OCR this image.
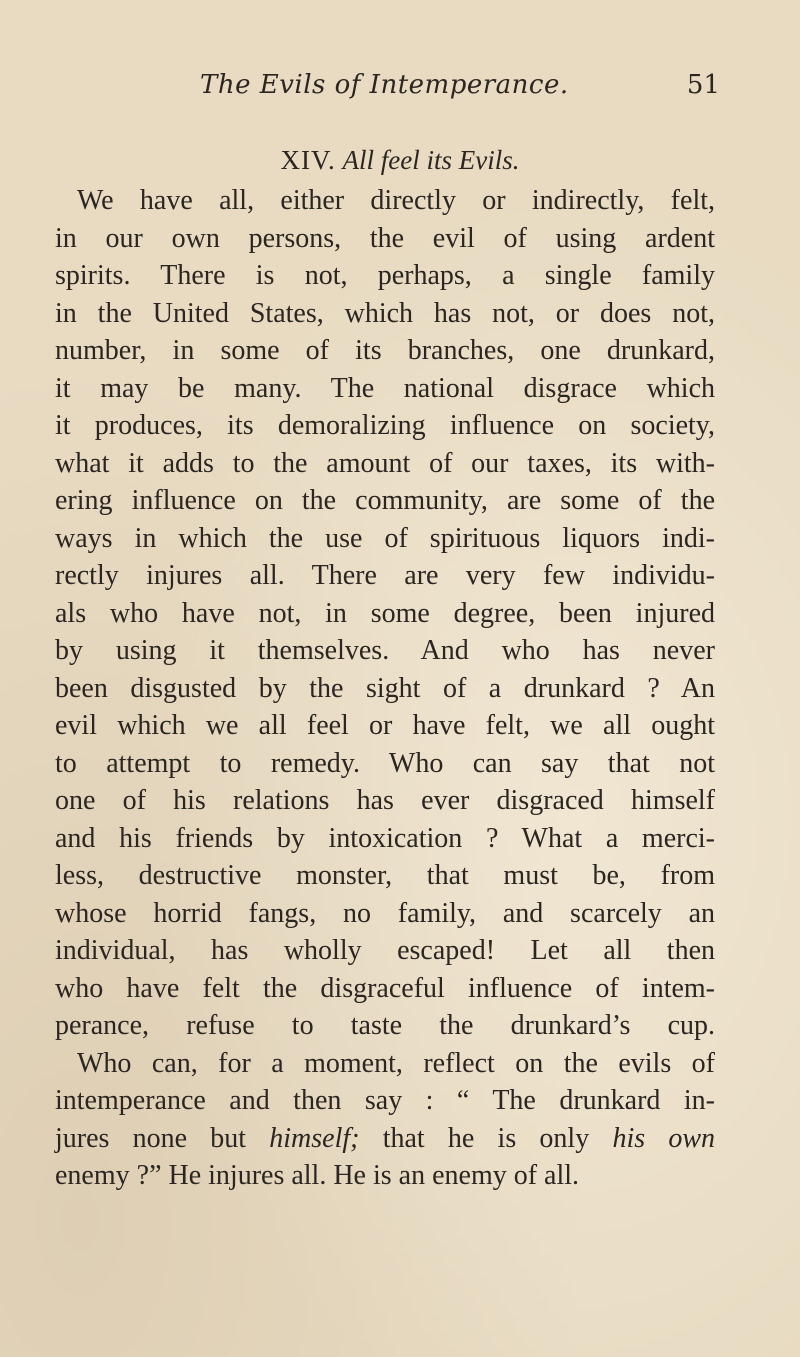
The Evils of Intemperance.	51
XIV. All feel its Evils.
We have all, either directly or indirectly, felt,
in our own persons, the evil of using ardent
spirits. There is not, perhaps, a single family
in the United States, which has not, or does not,
number, in some of its branches, one drunkard,
it may be many. The national disgrace which
it produces, its demoralizing influence on society,
what it adds to the amount of our taxes, its with-
ering influence on the community, are some of the
ways in which the use of spirituous liquors indi-
rectly injures all. There are very few individu-
als who have not, in some degree, been injured
by using it themselves. And who has never
been disgusted by the sight of a drunkard ? An
evil which we all feel or have felt, we all ought
to attempt to remedy. Who can say that not
one of his relations has ever disgraced himself
and his friends by intoxication ? What a merci-
less, destructive monster, that must be, from
whose horrid fangs, no family, and scarcely an
individual, has wholly escaped! Let all then
who have felt the disgraceful influence of intem-
perance, refuse to taste the drunkard’s cup.
Who can, for a moment, reflect on the evils of
intemperance and then say : “ The drunkard in-
jures none but himself; that he is only his own
enemy ?” He injures all. He is an enemy of all.
